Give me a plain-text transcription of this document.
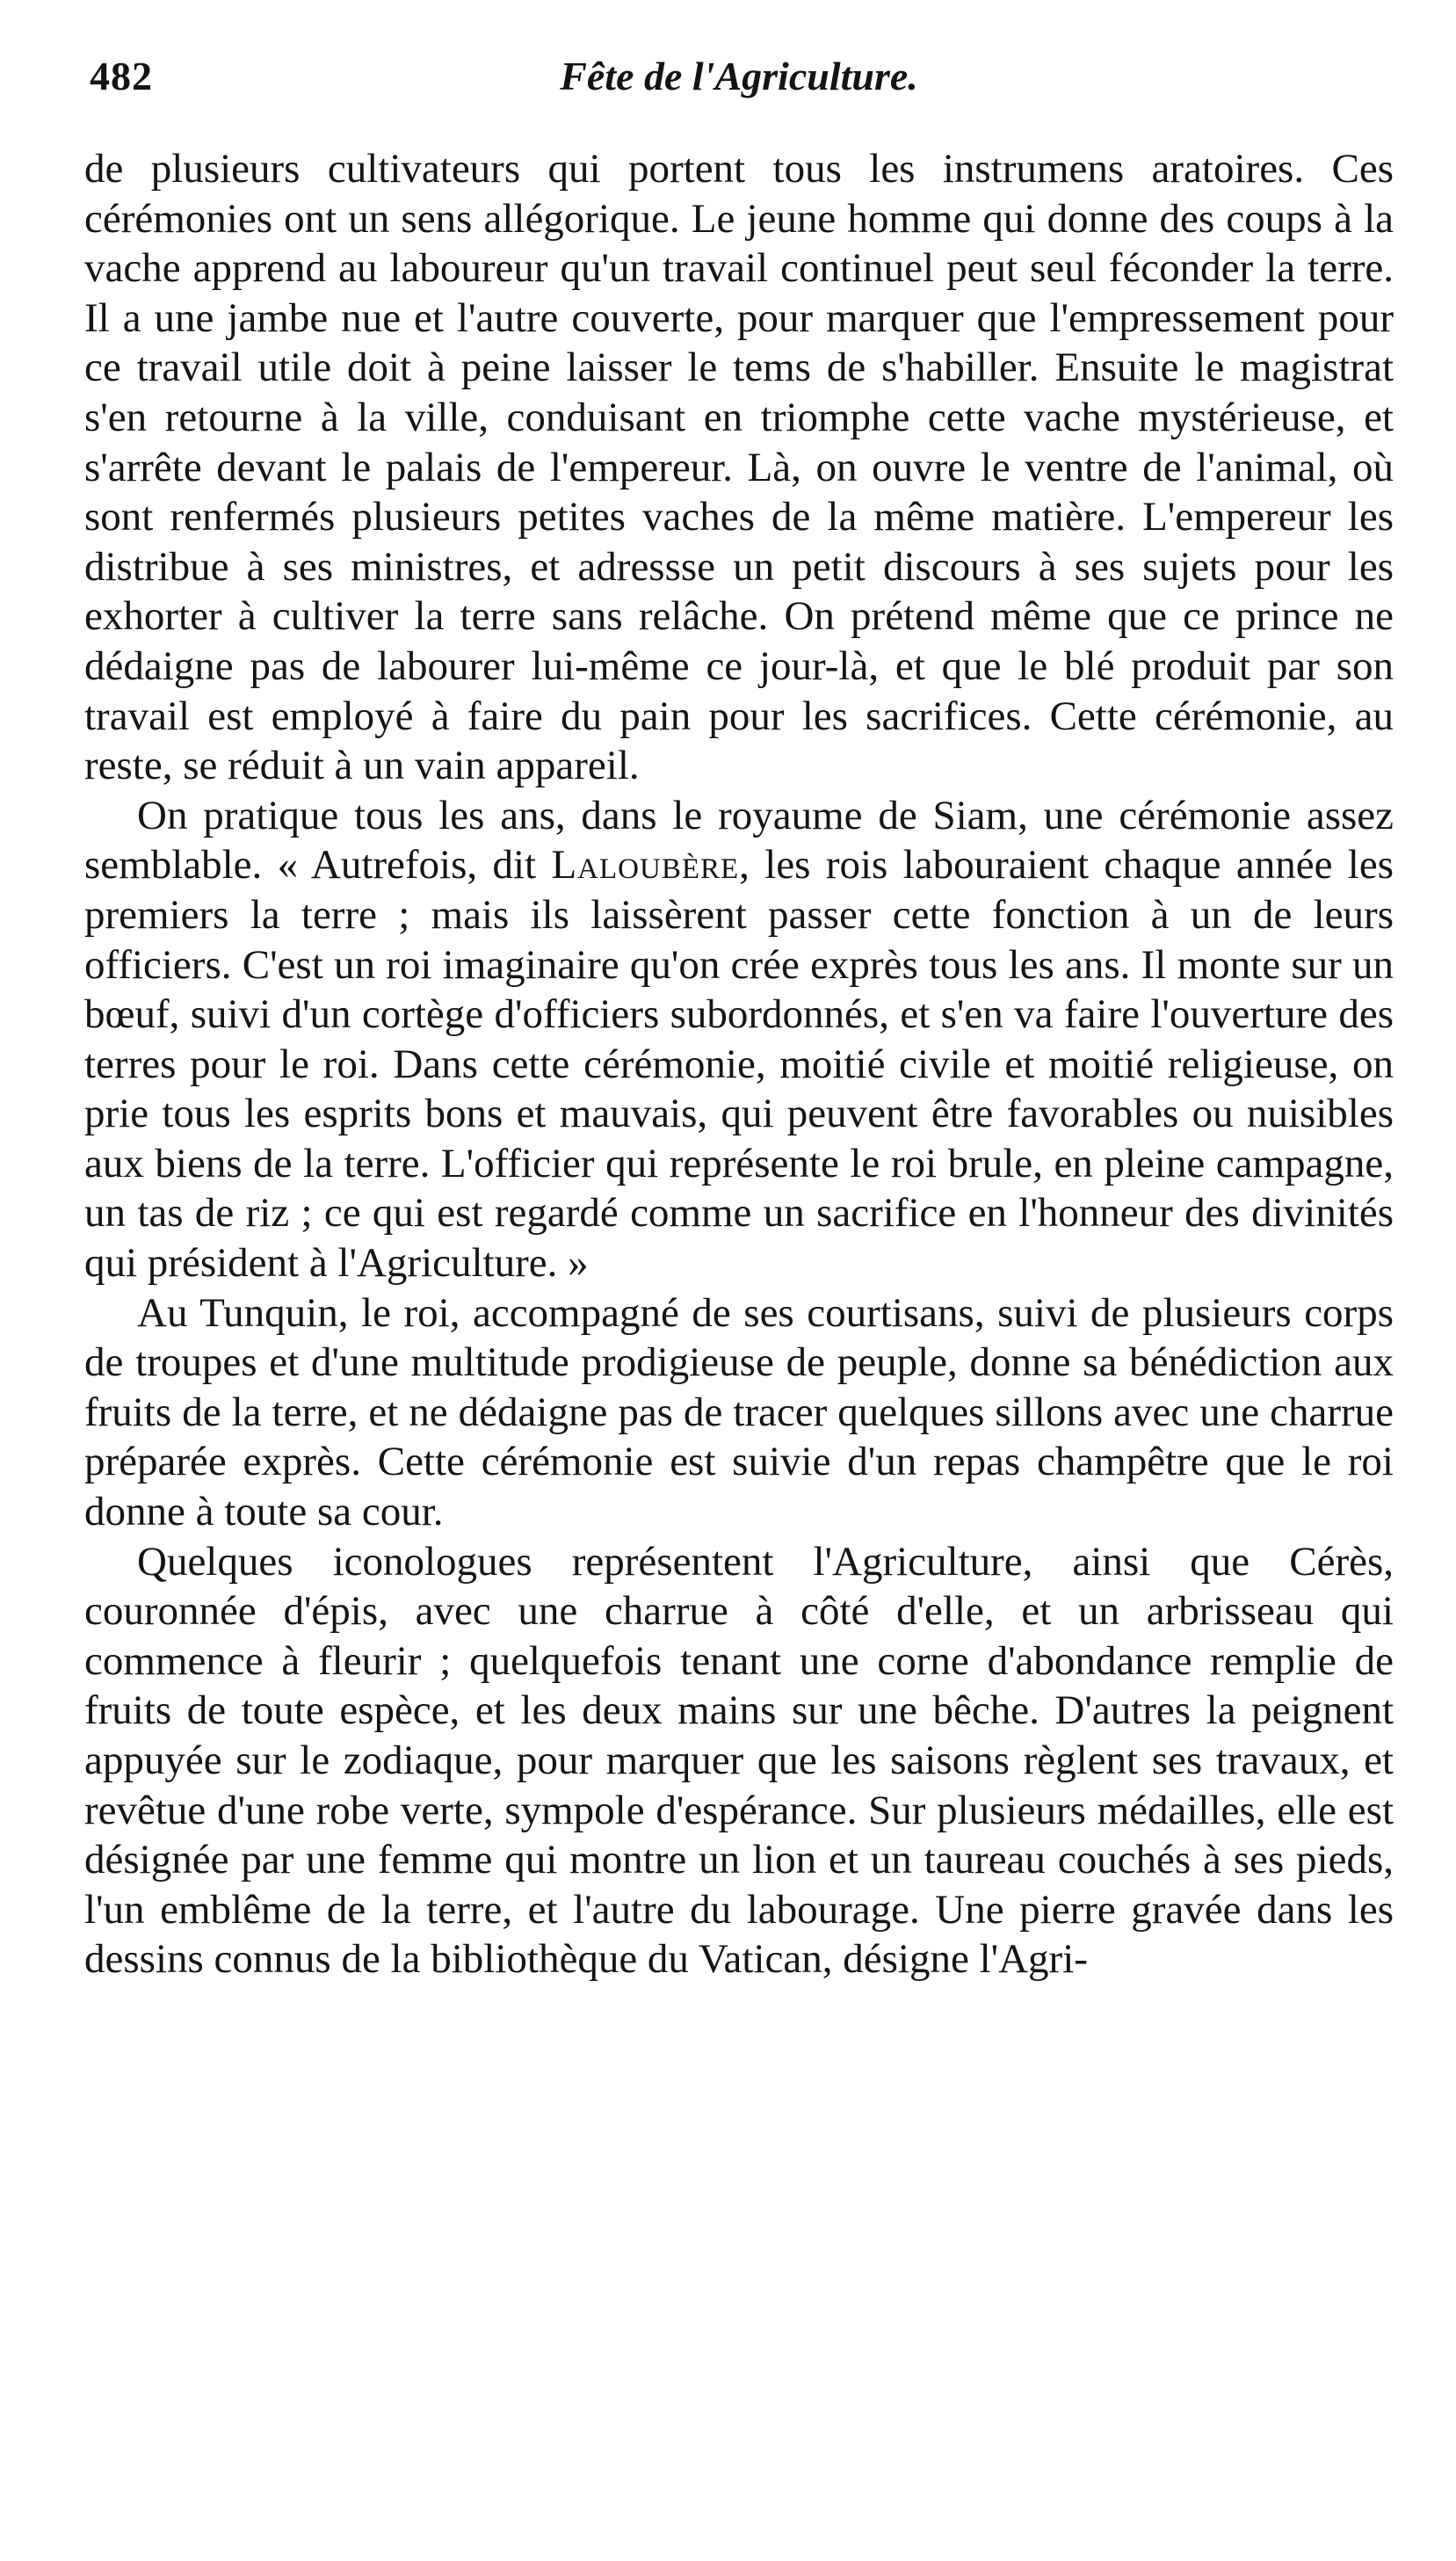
482	Fête de l'Agriculture.

de plusieurs cultivateurs qui portent tous les instrumens aratoires. Ces cérémonies ont un sens allégorique. Le jeune homme qui donne des coups à la vache apprend au laboureur qu'un travail continuel peut seul féconder la terre. Il a une jambe nue et l'autre couverte, pour marquer que l'empressement pour ce travail utile doit à peine laisser le tems de s'habiller. Ensuite le magistrat s'en retourne à la ville, conduisant en triomphe cette vache mystérieuse, et s'arrête devant le palais de l'empereur. Là, on ouvre le ventre de l'animal, où sont renfermés plusieurs petites vaches de la même matière. L'empereur les distribue à ses ministres, et adressse un petit discours à ses sujets pour les exhorter à cultiver la terre sans relâche. On prétend même que ce prince ne dédaigne pas de labourer lui-même ce jour-là, et que le blé produit par son travail est employé à faire du pain pour les sacrifices. Cette cérémonie, au reste, se réduit à un vain appareil.

On pratique tous les ans, dans le royaume de Siam, une cérémonie assez semblable. « Autrefois, dit Laloubère, les rois labouraient chaque année les premiers la terre ; mais ils laissèrent passer cette fonction à un de leurs officiers. C'est un roi imaginaire qu'on crée exprès tous les ans. Il monte sur un bœuf, suivi d'un cortège d'officiers subordonnés, et s'en va faire l'ouverture des terres pour le roi. Dans cette cérémonie, moitié civile et moitié religieuse, on prie tous les esprits bons et mauvais, qui peuvent être favorables ou nuisibles aux biens de la terre. L'officier qui représente le roi brule, en pleine campagne, un tas de riz ; ce qui est regardé comme un sacrifice en l'honneur des divinités qui président à l'Agriculture. »

Au Tunquin, le roi, accompagné de ses courtisans, suivi de plusieurs corps de troupes et d'une multitude prodigieuse de peuple, donne sa bénédiction aux fruits de la terre, et ne dédaigne pas de tracer quelques sillons avec une charrue préparée exprès. Cette cérémonie est suivie d'un repas champêtre que le roi donne à toute sa cour.

Quelques iconologues représentent l'Agriculture, ainsi que Cérès, couronnée d'épis, avec une charrue à côté d'elle, et un arbrisseau qui commence à fleurir ; quelquefois tenant une corne d'abondance remplie de fruits de toute espèce, et les deux mains sur une bêche. D'autres la peignent appuyée sur le zodiaque, pour marquer que les saisons règlent ses travaux, et revêtue d'une robe verte, sympole d'espérance. Sur plusieurs médailles, elle est désignée par une femme qui montre un lion et un taureau couchés à ses pieds, l'un emblême de la terre, et l'autre du labourage. Une pierre gravée dans les dessins connus de la bibliothèque du Vatican, désigne l'Agri-
